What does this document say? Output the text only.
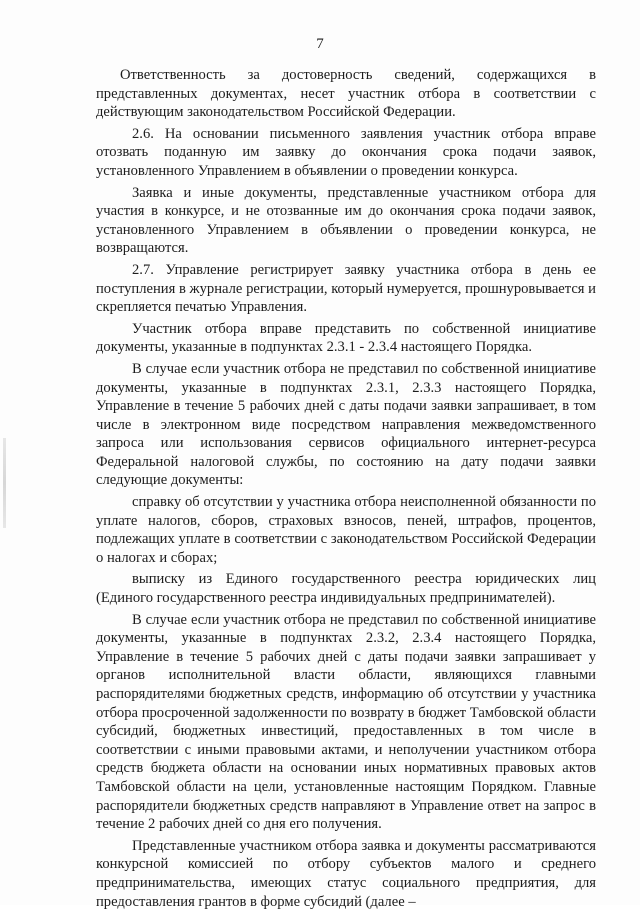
7

Ответственность за достоверность сведений, содержащихся в представленных документах, несет участник отбора в соответствии с действующим законодательством Российской Федерации.

2.6. На основании письменного заявления участник отбора вправе отозвать поданную им заявку до окончания срока подачи заявок, установленного Управлением в объявлении о проведении конкурса.

Заявка и иные документы, представленные участником отбора для участия в конкурсе, и не отозванные им до окончания срока подачи заявок, установленного Управлением в объявлении о проведении конкурса, не возвращаются.

2.7. Управление регистрирует заявку участника отбора в день ее поступления в журнале регистрации, который нумеруется, прошнуровывается и скрепляется печатью Управления.

Участник отбора вправе представить по собственной инициативе документы, указанные в подпунктах 2.3.1 - 2.3.4 настоящего Порядка.

В случае если участник отбора не представил по собственной инициативе документы, указанные в подпунктах 2.3.1, 2.3.3 настоящего Порядка, Управление в течение 5 рабочих дней с даты подачи заявки запрашивает, в том числе в электронном виде посредством направления межведомственного запроса или использования сервисов официального интернет-ресурса Федеральной налоговой службы, по состоянию на дату подачи заявки следующие документы:

справку об отсутствии у участника отбора неисполненной обязанности по уплате налогов, сборов, страховых взносов, пеней, штрафов, процентов, подлежащих уплате в соответствии с законодательством Российской Федерации о налогах и сборах;

выписку из Единого государственного реестра юридических лиц (Единого государственного реестра индивидуальных предпринимателей).

В случае если участник отбора не представил по собственной инициативе документы, указанные в подпунктах 2.3.2, 2.3.4 настоящего Порядка, Управление в течение 5 рабочих дней с даты подачи заявки запрашивает у органов исполнительной власти области, являющихся главными распорядителями бюджетных средств, информацию об отсутствии у участника отбора просроченной задолженности по возврату в бюджет Тамбовской области субсидий, бюджетных инвестиций, предоставленных в том числе в соответствии с иными правовыми актами, и неполучении участником отбора средств бюджета области на основании иных нормативных правовых актов Тамбовской области на цели, установленные настоящим Порядком. Главные распорядители бюджетных средств направляют в Управление ответ на запрос в течение 2 рабочих дней со дня его получения.

Представленные участником отбора заявка и документы рассматриваются конкурсной комиссией по отбору субъектов малого и среднего предпринимательства, имеющих статус социального предприятия, для предоставления грантов в форме субсидий (далее –
